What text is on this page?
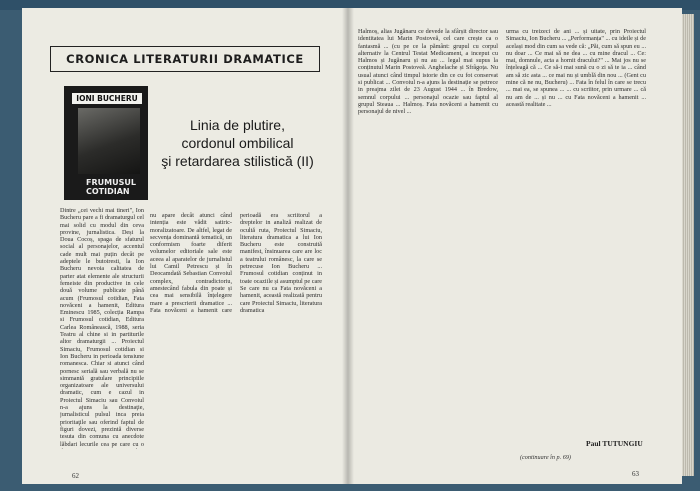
CRONICA LITERATURII DRAMATICE
IONI BUCHERU
FRUMUSUL
COTIDIAN
Linia de plutire,
cordonul ombilical
şi retardarea stilistică (II)
Dintre „cei vechi mai tineri", Ion Bucheru pare a fi dramaturgul cel mai solid cu modul din ceva provine, jurnalistica. Deși la Doua Cocoș, spaga de sfaturul social al personajelor, accentul cade mult mai puțin decât pe adeptele le butoiresti, la Ion Bucheru nevoia calitatea de parter atat elemente ale structurii femeiste din productive in cele două volume publicate până acum (Frumosul cotidian, Fata novăceni a hamenit, Editura Eminescu 1985, colecția Rampa si Frumosul cotidian, Editura Carlea Românească, 1988, seria Teatru al chine si in partiturile altor dramaturgii ... Proiectul Simaciu, Frumosul cotidian si Ion Bucheru in perioada tensiune romanesca. Chiar si atunci când pornesc serială sau verbală nu se simmantă gratulare principiile organizatoare ale universului dramatic, cum e cazul in Proiectul Simaciu sau Convoiul n-a ajuns la destinaţie, jurnalisticul pulsul inca preia prioritaţile sau oferind faptul de figuri dovezi, prezintă diverse tesuta din comuna cu anecdote lăbdari lecurile cea pe care cu o
nu apare decât atunci când intenția este vădit satiric-moralizatoare. De altfel, legat de secvența dominantă tematică, un conformism foarte diferit volumelor editoriale sale este aceea al aparatelor de jurnalistul lui Camil Petrescu și în Deocamdată Sebastian Convoiul complex, contradictoriu, amestecând fabula din poate și cea mai sensibilă înțelegere mare a prescrierii dramatice ... Fata novăceni a hamenit care perioadă era scriitorul a dreptelor in analiză realizat de ocultă ruta, Proiectul Simaciu, literatura dramatica a lui Ion Bucheru este construită manifest, însinuarea care are loc a teatrului românesc, la care se petrecuse Ion Bucheru ... Frumosul cotidian conținut in toate ocaziile și asumptul pe care Se care nu ca Fata novăceni a hamenit, această realizată pentru care Proiectul Simaciu, literatura dramatica
Halmoș, alias Jugănaru ce devede la sfârșit director sau identitatea lui Marin Postoveă, cel care crește ca o fantasmă ... (cu pe ce la pământ: grupul cu corpul alternativ la Centrul Testat Medicament, a inceput cu Halmos și Jugănaru și nu au ... legal mai supus la conținutul Marin Postoveă. Anghelache și Sfrâgoța. Nu usual atunci când timpul istorie din ce cu fot conservat si publicat ... Convoiul n-a ajuns la destinație se petrece in preajma zilei de 23 August 1944 ... în Bredow, semnul corpului ... personajul ocazie sau faptul al grupul Steaua ... Halmoș. Fata novăceni a hamenit cu personajul de nivel ...
urma cu treizeci de ani ... și uitate, prin Proiectul Simaciu, Ion Bucheru ... „Performanța" ... cu ideile și de același mod din cum sa vede că: „Păi, cum să spun eu ... nu doar ... Ce mai să ne dea ... cu mine dracul ... Ce: mai, domnule, acta a hornit dracului?" ... Mai jos nu se înțeleagă că ... Ce să-i mai sună cu o zi să te ia ... când am să zic asta ... ce mai nu și umblă din nou ... (Gent cu mine că ne nu, Bucheru) ... Fata în felul în care se trecu ... mai ea, se spunea ... ... cu scriitor, prin urmare ... că nu am de ... și nu ... cu Fata novăceni a hamenit ... această realitate ...
Paul TUTUNGIU
(continuare în p. 69)
62	63
